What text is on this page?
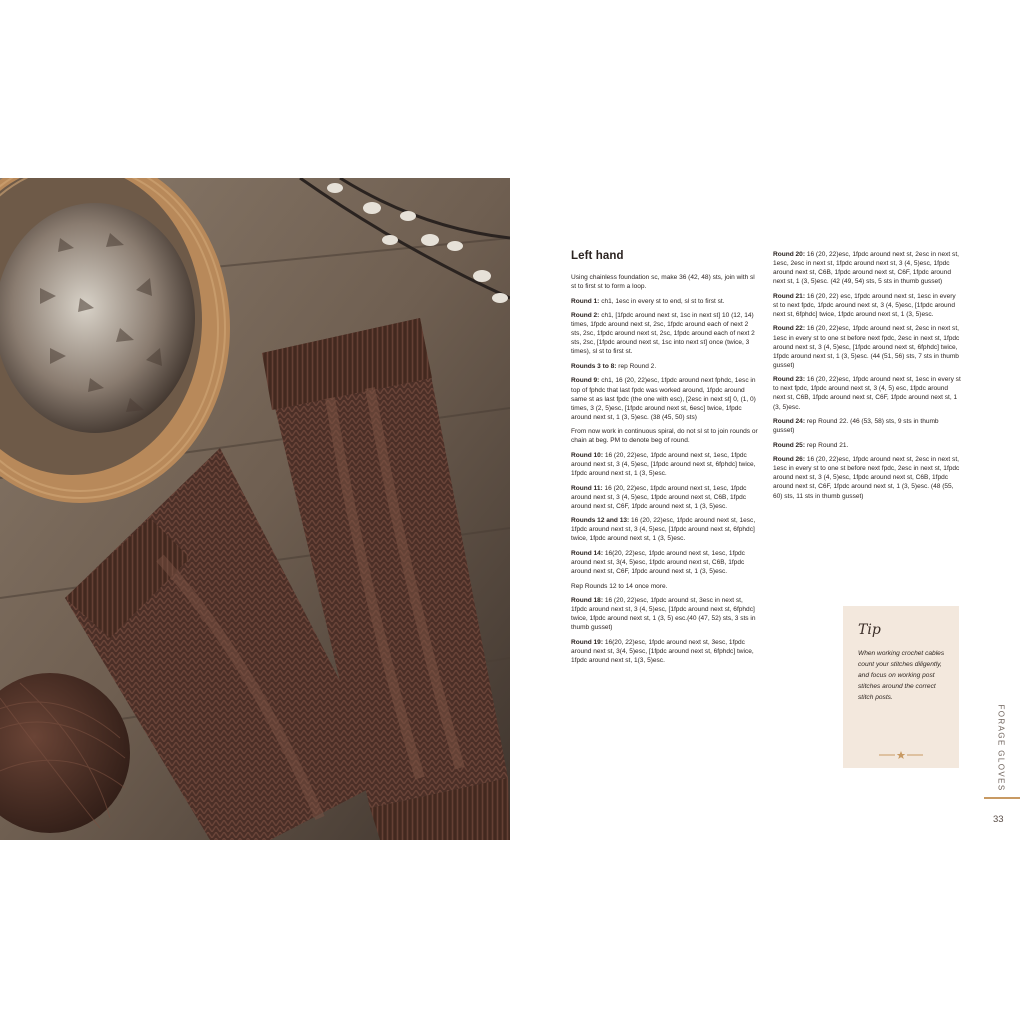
Left hand

Using chainless foundation sc, make 36 (42, 48) sts, join with sl st to first st to form a loop.

Round 1: ch1, 1esc in every st to end, sl st to first st.

Round 2: ch1, [1fpdc around next st, 1sc in next st] 10 (12, 14) times, 1fpdc around next st, 2sc, 1fpdc around each of next 2 sts, 2sc, 1fpdc around next st, 2sc, 1fpdc around each of next 2 sts, 2sc, [1fpdc around next st, 1sc into next st] once (twice, 3 times), sl st to first st.

Rounds 3 to 8: rep Round 2.

Round 9: ch1, 16 (20, 22)esc, 1fpdc around next fphdc, 1esc in top of fphdc that last fpdc was worked around, 1fpdc around same st as last fpdc (the one with esc), [2esc in next st] 0, (1, 0) times, 3 (2, 5)esc, [1fpdc around next st, 6esc] twice, 1fpdc around next st, 1 (3, 5)esc. (38 (45, 50) sts)

From now work in continuous spiral, do not sl st to join rounds or chain at beg. PM to denote beg of round.

Round 10: 16 (20, 22)esc, 1fpdc around next st, 1esc, 1fpdc around next st, 3 (4, 5)esc, [1fpdc around next st, 6fphdc] twice, 1fpdc around next st, 1 (3, 5)esc.

Round 11: 16 (20, 22)esc, 1fpdc around next st, 1esc, 1fpdc around next st, 3 (4, 5)esc, 1fpdc around next st, C6B, 1fpdc around next st, C6F, 1fpdc around next st, 1 (3, 5)esc.

Rounds 12 and 13: 16 (20, 22)esc, 1fpdc around next st, 1esc, 1fpdc around next st, 3 (4, 5)esc, [1fpdc around next st, 6fphdc] twice, 1fpdc around next st, 1 (3, 5)esc.

Round 14: 16(20, 22)esc, 1fpdc around next st, 1esc, 1fpdc around next st, 3(4, 5)esc, 1fpdc around next st, C6B, 1fpdc around next st, C6F, 1fpdc around next st, 1 (3, 5)esc.

Rep Rounds 12 to 14 once more.

Round 18: 16 (20, 22)esc, 1fpdc around st, 3esc in next st, 1fpdc around next st, 3 (4, 5)esc, [1fpdc around next st, 6fphdc] twice, 1fpdc around next st, 1 (3, 5) esc.(40 (47, 52) sts, 3 sts in thumb gusset)

Round 19: 16(20, 22)esc, 1fpdc around next st, 3esc, 1fpdc around next st, 3(4, 5)esc, [1fpdc around next st, 6fphdc] twice, 1fpdc around next st, 1(3, 5)esc.

Round 20: 16 (20, 22)esc, 1fpdc around next st, 2esc in next st, 1esc, 2esc in next st, 1fpdc around next st, 3 (4, 5)esc, 1fpdc around next st, C6B, 1fpdc around next st, C6F, 1fpdc around next st, 1 (3, 5)esc. (42 (49, 54) sts, 5 sts in thumb gusset)

Round 21: 16 (20, 22) esc, 1fpdc around next st, 1esc in every st to next fpdc, 1fpdc around next st, 3 (4, 5)esc, [1fpdc around next st, 6fphdc] twice, 1fpdc around next st, 1 (3, 5)esc.

Round 22: 16 (20, 22)esc, 1fpdc around next st, 2esc in next st, 1esc in every st to one st before next fpdc, 2esc in next st, 1fpdc around next st, 3 (4, 5)esc, [1fpdc around next st, 6fphdc] twice, 1fpdc around next st, 1 (3, 5)esc. (44 (51, 56) sts, 7 sts in thumb gusset)

Round 23: 16 (20, 22)esc, 1fpdc around next st, 1esc in every st to next fpdc, 1fpdc around next st, 3 (4, 5) esc, 1fpdc around next st, C6B, 1fpdc around next st, C6F, 1fpdc around next st, 1 (3, 5)esc.

Round 24: rep Round 22. (46 (53, 58) sts, 9 sts in thumb gusset)

Round 25: rep Round 21.

Round 26: 16 (20, 22)esc, 1fpdc around next st, 2esc in next st, 1esc in every st to one st before next fpdc, 2esc in next st, 1fpdc around next st, 3 (4, 5)esc, 1fpdc around next st, C6B, 1fpdc around next st, C6F, 1fpdc around next st, 1 (3, 5)esc. (48 (55, 60) sts, 11 sts in thumb gusset)

Tip
When working crochet cables count your stitches diligently, and focus on working post stitches around the correct stitch posts.
FORAGE GLOVES
33
